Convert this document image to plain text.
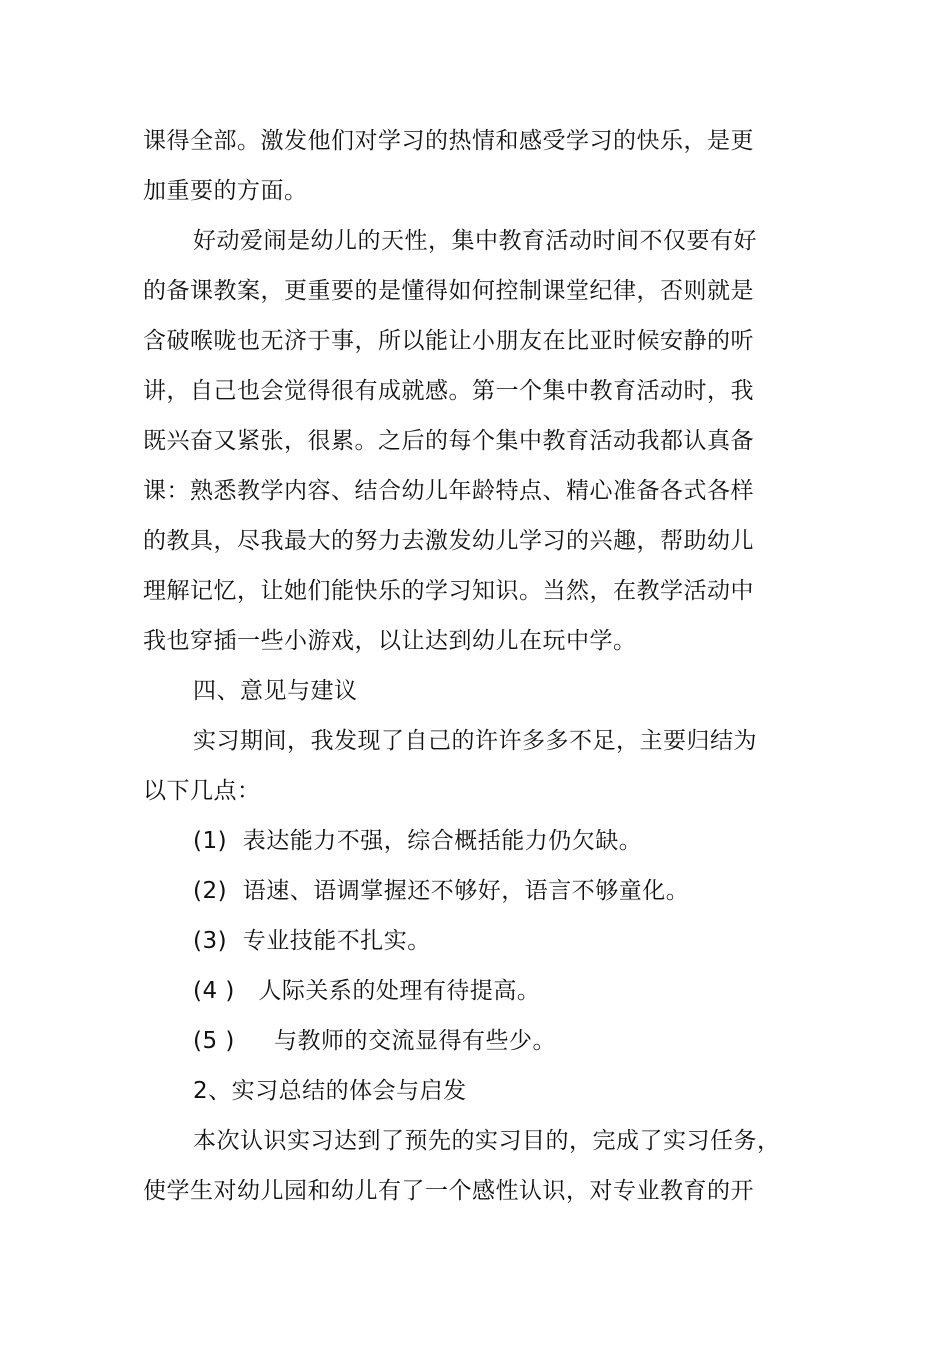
课得全部。激发他们对学习的热情和感受学习的快乐，是更
加重要的方面。
好动爱闹是幼儿的天性，集中教育活动时间不仅要有好
的备课教案，更重要的是懂得如何控制课堂纪律，否则就是
含破喉咙也无济于事，所以能让小朋友在比亚时候安静的听
讲，自己也会觉得很有成就感。第一个集中教育活动时，我
既兴奋又紧张，很累。之后的每个集中教育活动我都认真备
课：熟悉教学内容、结合幼儿年龄特点、精心准备各式各样
的教具，尽我最大的努力去激发幼儿学习的兴趣，帮助幼儿
理解记忆，让她们能快乐的学习知识。当然，在教学活动中
我也穿插一些小游戏，以让达到幼儿在玩中学。
四、意见与建议
实习期间，我发现了自己的许许多多不足，主要归结为
以下几点：
(1)  表达能力不强，综合概括能力仍欠缺。
(2)  语速、语调掌握还不够好，语言不够童化。
(3)  专业技能不扎实。
(4 )   人际关系的处理有待提高。
(5 )     与教师的交流显得有些少。
2、实习总结的体会与启发
本次认识实习达到了预先的实习目的，完成了实习任务，
使学生对幼儿园和幼儿有了一个感性认识，对专业教育的开
